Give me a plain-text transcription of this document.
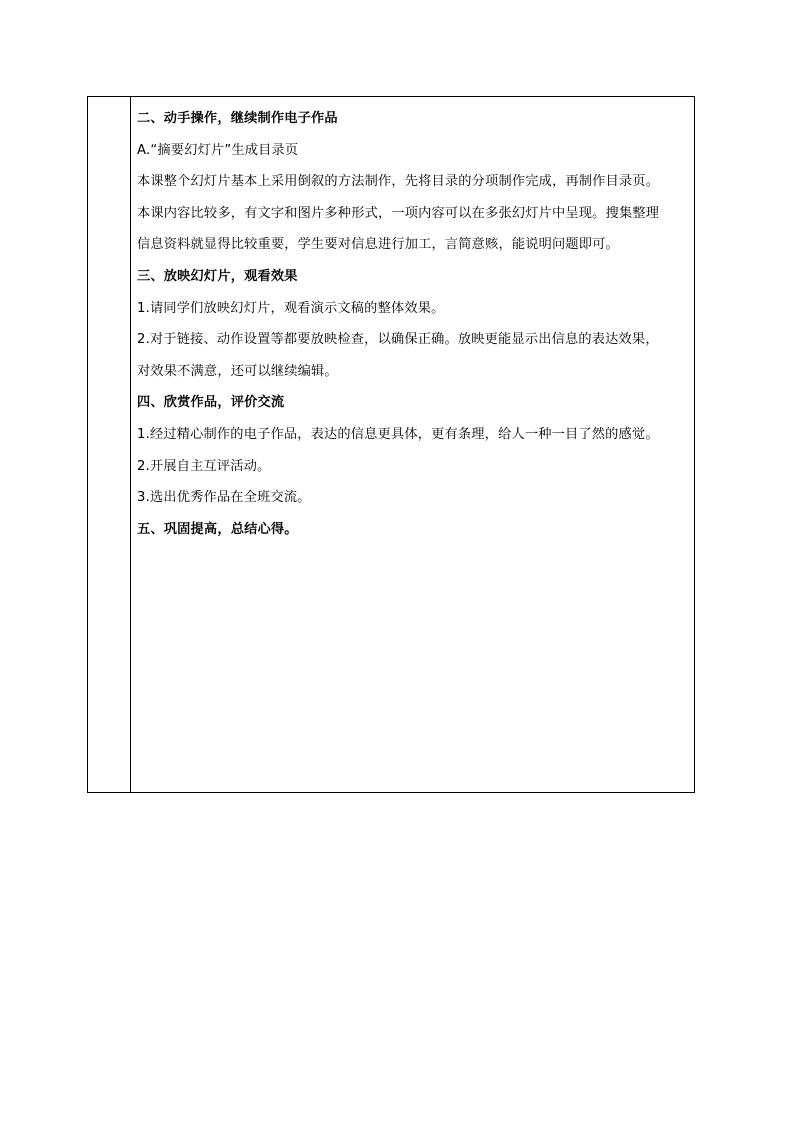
二、动手操作，继续制作电子作品
A.“摘要幻灯片”生成目录页
本课整个幻灯片基本上采用倒叙的方法制作，先将目录的分项制作完成，再制作目录页。
本课内容比较多，有文字和图片多种形式，一项内容可以在多张幻灯片中呈现。搜集整理
信息资料就显得比较重要，学生要对信息进行加工，言简意赅，能说明问题即可。
三、放映幻灯片，观看效果
1.请同学们放映幻灯片，观看演示文稿的整体效果。
2.对于链接、动作设置等都要放映检查，以确保正确。放映更能显示出信息的表达效果，
对效果不满意，还可以继续编辑。
四、欣赏作品，评价交流
1.经过精心制作的电子作品，表达的信息更具体，更有条理，给人一种一目了然的感觉。
2.开展自主互评活动。
3.选出优秀作品在全班交流。
五、巩固提高，总结心得。
